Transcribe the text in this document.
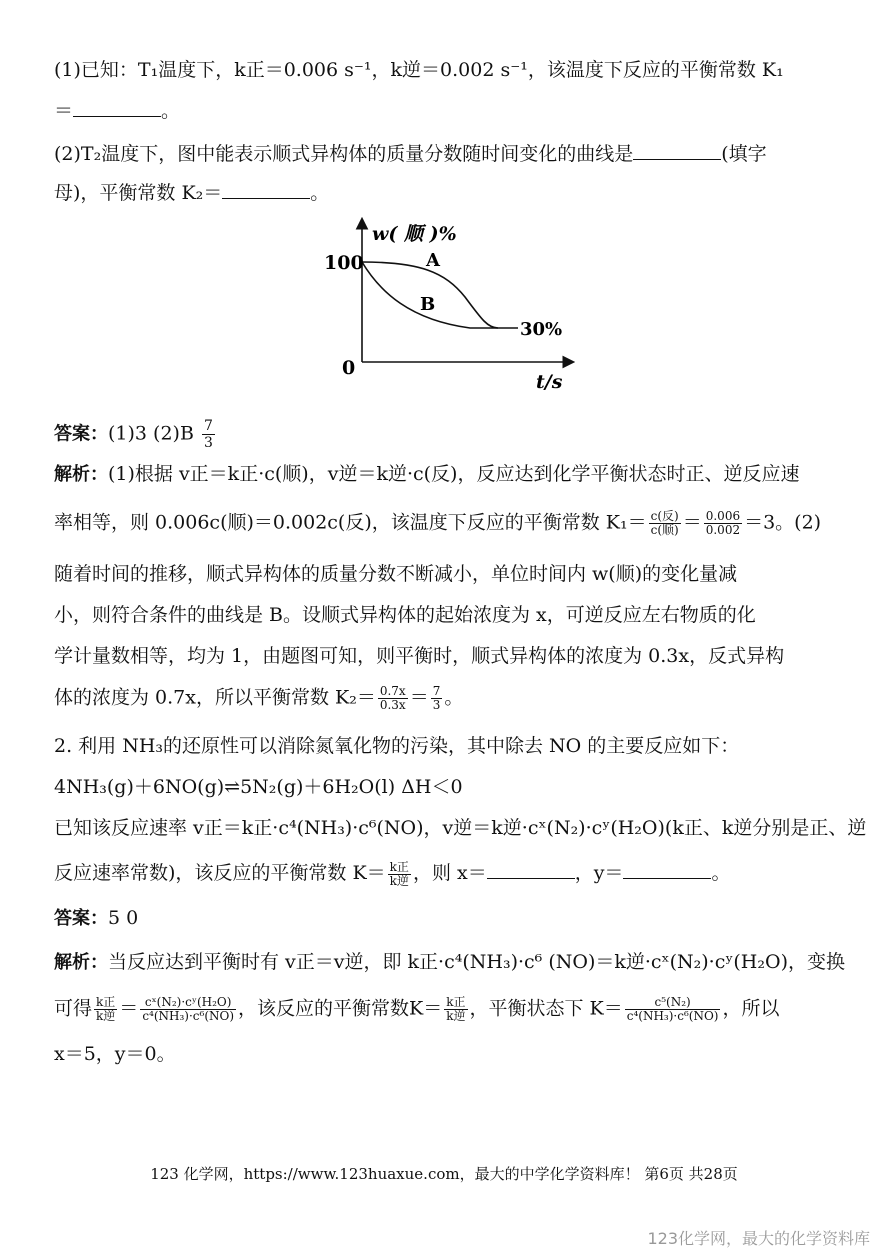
(1)已知：T₁温度下，k正＝0.006 s⁻¹，k逆＝0.002 s⁻¹，该温度下反应的平衡常数 K₁
＝	。
(2)T₂温度下，图中能表示顺式异构体的质量分数随时间变化的曲线是	(填字
母)，平衡常数 K₂＝	。
w( 顺 )%
100
0
A
B
30%
t/s
答案：(1)3 $(2)B \frac{7}{3}$
解析：(1)根据 v正＝k正·c(顺)，v逆＝k逆·c(反)，反应达到化学平衡状态时正、逆反应速
率相等，则 0.006c(顺)＝0.002c(反)，该温度下反应的平衡常数 $K_1= \frac{\text{c(反)}}{\text{c(顺)}} = \frac{0.006}{0.002} =3$。(2)
随着时间的推移，顺式异构体的质量分数不断减小，单位时间内 w(顺)的变化量减
小，则符合条件的曲线是 B。设顺式异构体的起始浓度为 x，可逆反应左右物质的化
学计量数相等，均为 1，由题图可知，则平衡时，顺式异构体的浓度为 0.3x，反式异构
体的浓度为 0.7x，所以平衡常数 $K_2= \frac{0.7x}{0.3x} = \frac{7}{3}$ 。
2. 利用 NH₃的还原性可以消除氮氧化物的污染，其中除去 NO 的主要反应如下：
4NH₃(g)＋6NO(g)⇌5N₂(g)＋6H₂O(l) ΔH＜0
已知该反应速率 v正＝k正·c⁴(NH₃)·c⁶(NO)，v逆＝k逆·cˣ(N₂)·cʸ(H₂O)(k正、k逆分别是正、逆
反应速率常数)，该反应的平衡常数 $K= \frac{\text{k正}}{\text{k逆}}$ ，则 x＝	，y＝	。
答案：5 0
解析：当反应达到平衡时有 v正＝v逆，即 k正·c⁴(NH₃)·c⁶ (NO)＝k逆·cˣ(N₂)·cʸ(H₂O)，变换
可得 $\frac{\text{k正}}{\text{k逆}} = \frac{\text{cˣ(N₂)·cʸ(H₂O)}}{\text{c⁴(NH₃)·c⁶(NO)}}$ ，该反应的平衡常数$K= \frac{\text{k正}}{\text{k逆}}$ ，平衡状态下 $K= \frac{\text{c⁵(N₂)}}{\text{c⁴(NH₃)·c⁶(NO)}}$ ，所以
x＝5，y＝0。
123 化学网，https://www.123huaxue.com，最大的中学化学资料库！ 第6页 共28页
123化学网，最大的化学资料库
